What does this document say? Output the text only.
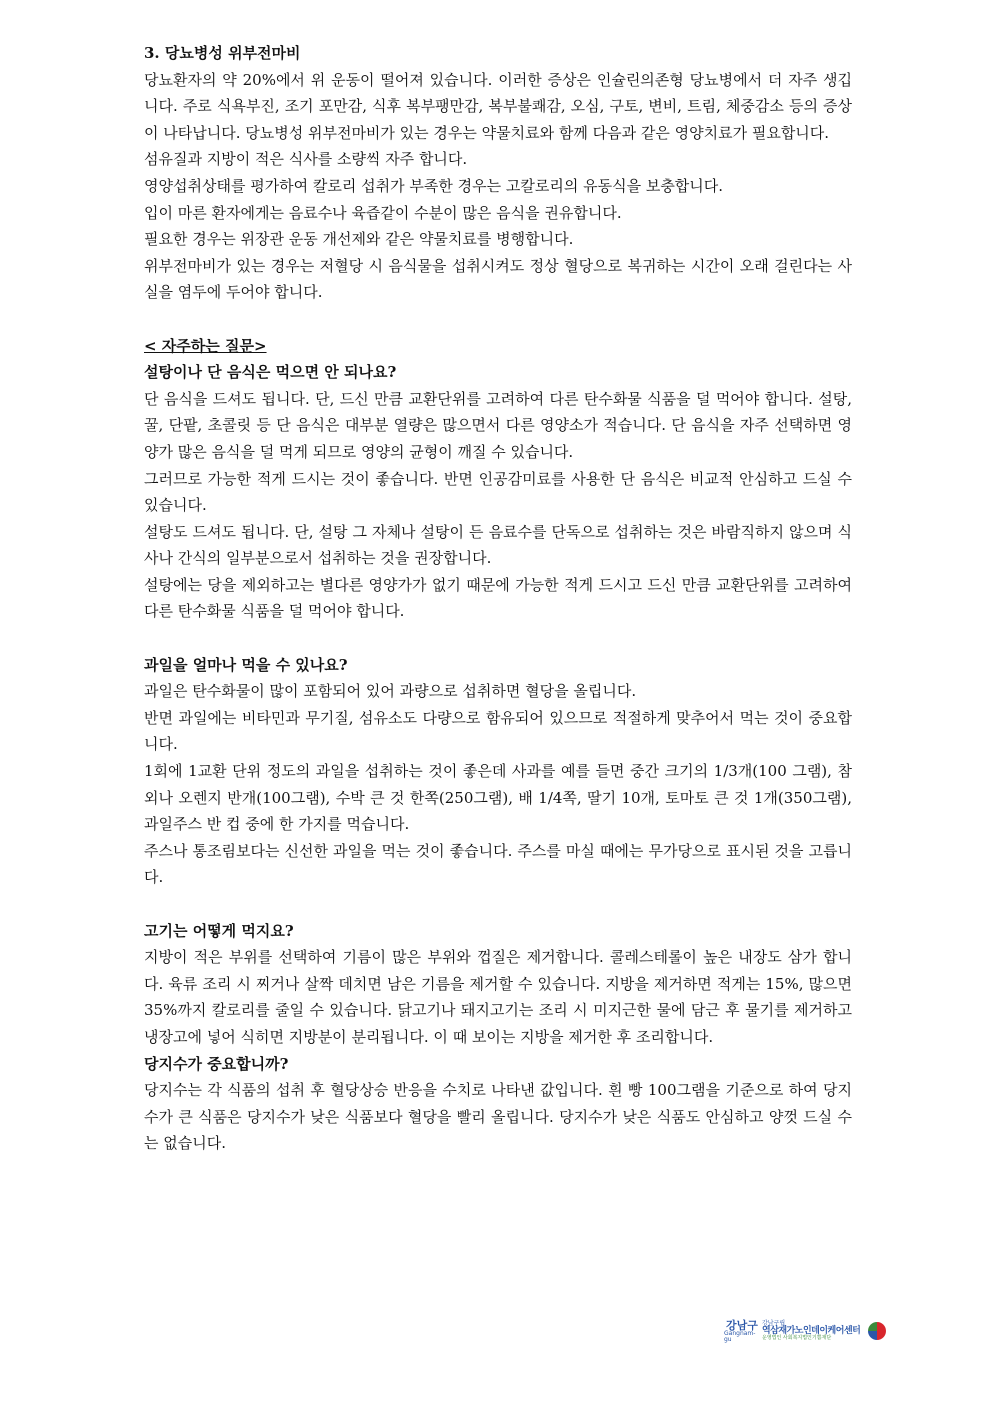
3. 당뇨병성 위부전마비

당뇨환자의 약 20%에서 위 운동이 떨어져 있습니다. 이러한 증상은 인슐린의존형 당뇨병에서 더 자주 생깁니다. 주로 식욕부진, 조기 포만감, 식후 복부팽만감, 복부불쾌감, 오심, 구토, 변비, 트림, 체중감소 등의 증상이 나타납니다. 당뇨병성 위부전마비가 있는 경우는 약물치료와 함께 다음과 같은 영양치료가 필요합니다.

섬유질과 지방이 적은 식사를 소량씩 자주 합니다.

영양섭취상태를 평가하여 칼로리 섭취가 부족한 경우는 고칼로리의 유동식을 보충합니다.

입이 마른 환자에게는 음료수나 육즙같이 수분이 많은 음식을 권유합니다.

필요한 경우는 위장관 운동 개선제와 같은 약물치료를 병행합니다.

위부전마비가 있는 경우는 저혈당 시 음식물을 섭취시켜도 정상 혈당으로 복귀하는 시간이 오래 걸린다는 사실을 염두에 두어야 합니다.

< 자주하는 질문>

설탕이나 단 음식은 먹으면 안 되나요?

단 음식을 드셔도 됩니다. 단, 드신 만큼 교환단위를 고려하여 다른 탄수화물 식품을 덜 먹어야 합니다. 설탕, 꿀, 단팥, 초콜릿 등 단 음식은 대부분 열량은 많으면서 다른 영양소가 적습니다. 단 음식을 자주 선택하면 영양가 많은 음식을 덜 먹게 되므로 영양의 균형이 깨질 수 있습니다.

그러므로 가능한 적게 드시는 것이 좋습니다. 반면 인공감미료를 사용한 단 음식은 비교적 안심하고 드실 수 있습니다.

설탕도 드셔도 됩니다. 단, 설탕 그 자체나 설탕이 든 음료수를 단독으로 섭취하는 것은 바람직하지 않으며 식사나 간식의 일부분으로서 섭취하는 것을 권장합니다.

설탕에는 당을 제외하고는 별다른 영양가가 없기 때문에 가능한 적게 드시고 드신 만큼 교환단위를 고려하여 다른 탄수화물 식품을 덜 먹어야 합니다.

과일을 얼마나 먹을 수 있나요?

과일은 탄수화물이 많이 포함되어 있어 과량으로 섭취하면 혈당을 올립니다.

반면 과일에는 비타민과 무기질, 섬유소도 다량으로 함유되어 있으므로 적절하게 맞추어서 먹는 것이 중요합니다.

1회에 1교환 단위 정도의 과일을 섭취하는 것이 좋은데 사과를 예를 들면 중간 크기의 1/3개(100 그램), 참외나 오렌지 반개(100그램), 수박 큰 것 한쪽(250그램), 배 1/4쪽, 딸기 10개, 토마토 큰 것 1개(350그램), 과일주스 반 컵 중에 한 가지를 먹습니다.

주스나 통조림보다는 신선한 과일을 먹는 것이 좋습니다. 주스를 마실 때에는 무가당으로 표시된 것을 고릅니다.

고기는 어떻게 먹지요?

지방이 적은 부위를 선택하여 기름이 많은 부위와 껍질은 제거합니다. 콜레스테롤이 높은 내장도 삼가 합니다. 육류 조리 시 찌거나 살짝 데치면 남은 기름을 제거할 수 있습니다. 지방을 제거하면 적게는 15%, 많으면 35%까지 칼로리를 줄일 수 있습니다. 닭고기나 돼지고기는 조리 시 미지근한 물에 담근 후 물기를 제거하고 냉장고에 넣어 식히면 지방분이 분리됩니다. 이 때 보이는 지방을 제거한 후 조리합니다.

당지수가 중요합니까?

당지수는 각 식품의 섭취 후 혈당상승 반응을 수치로 나타낸 값입니다. 흰 빵 100그램을 기준으로 하여 당지수가 큰 식품은 당지수가 낮은 식품보다 혈당을 빨리 올립니다. 당지수가 낮은 식품도 안심하고 양껏 드실 수는 없습니다.

강남구
Gangnam-gu
강남구립
역삼재가노인데이케어센터
운영법인 사회복지법인기쁨재단
